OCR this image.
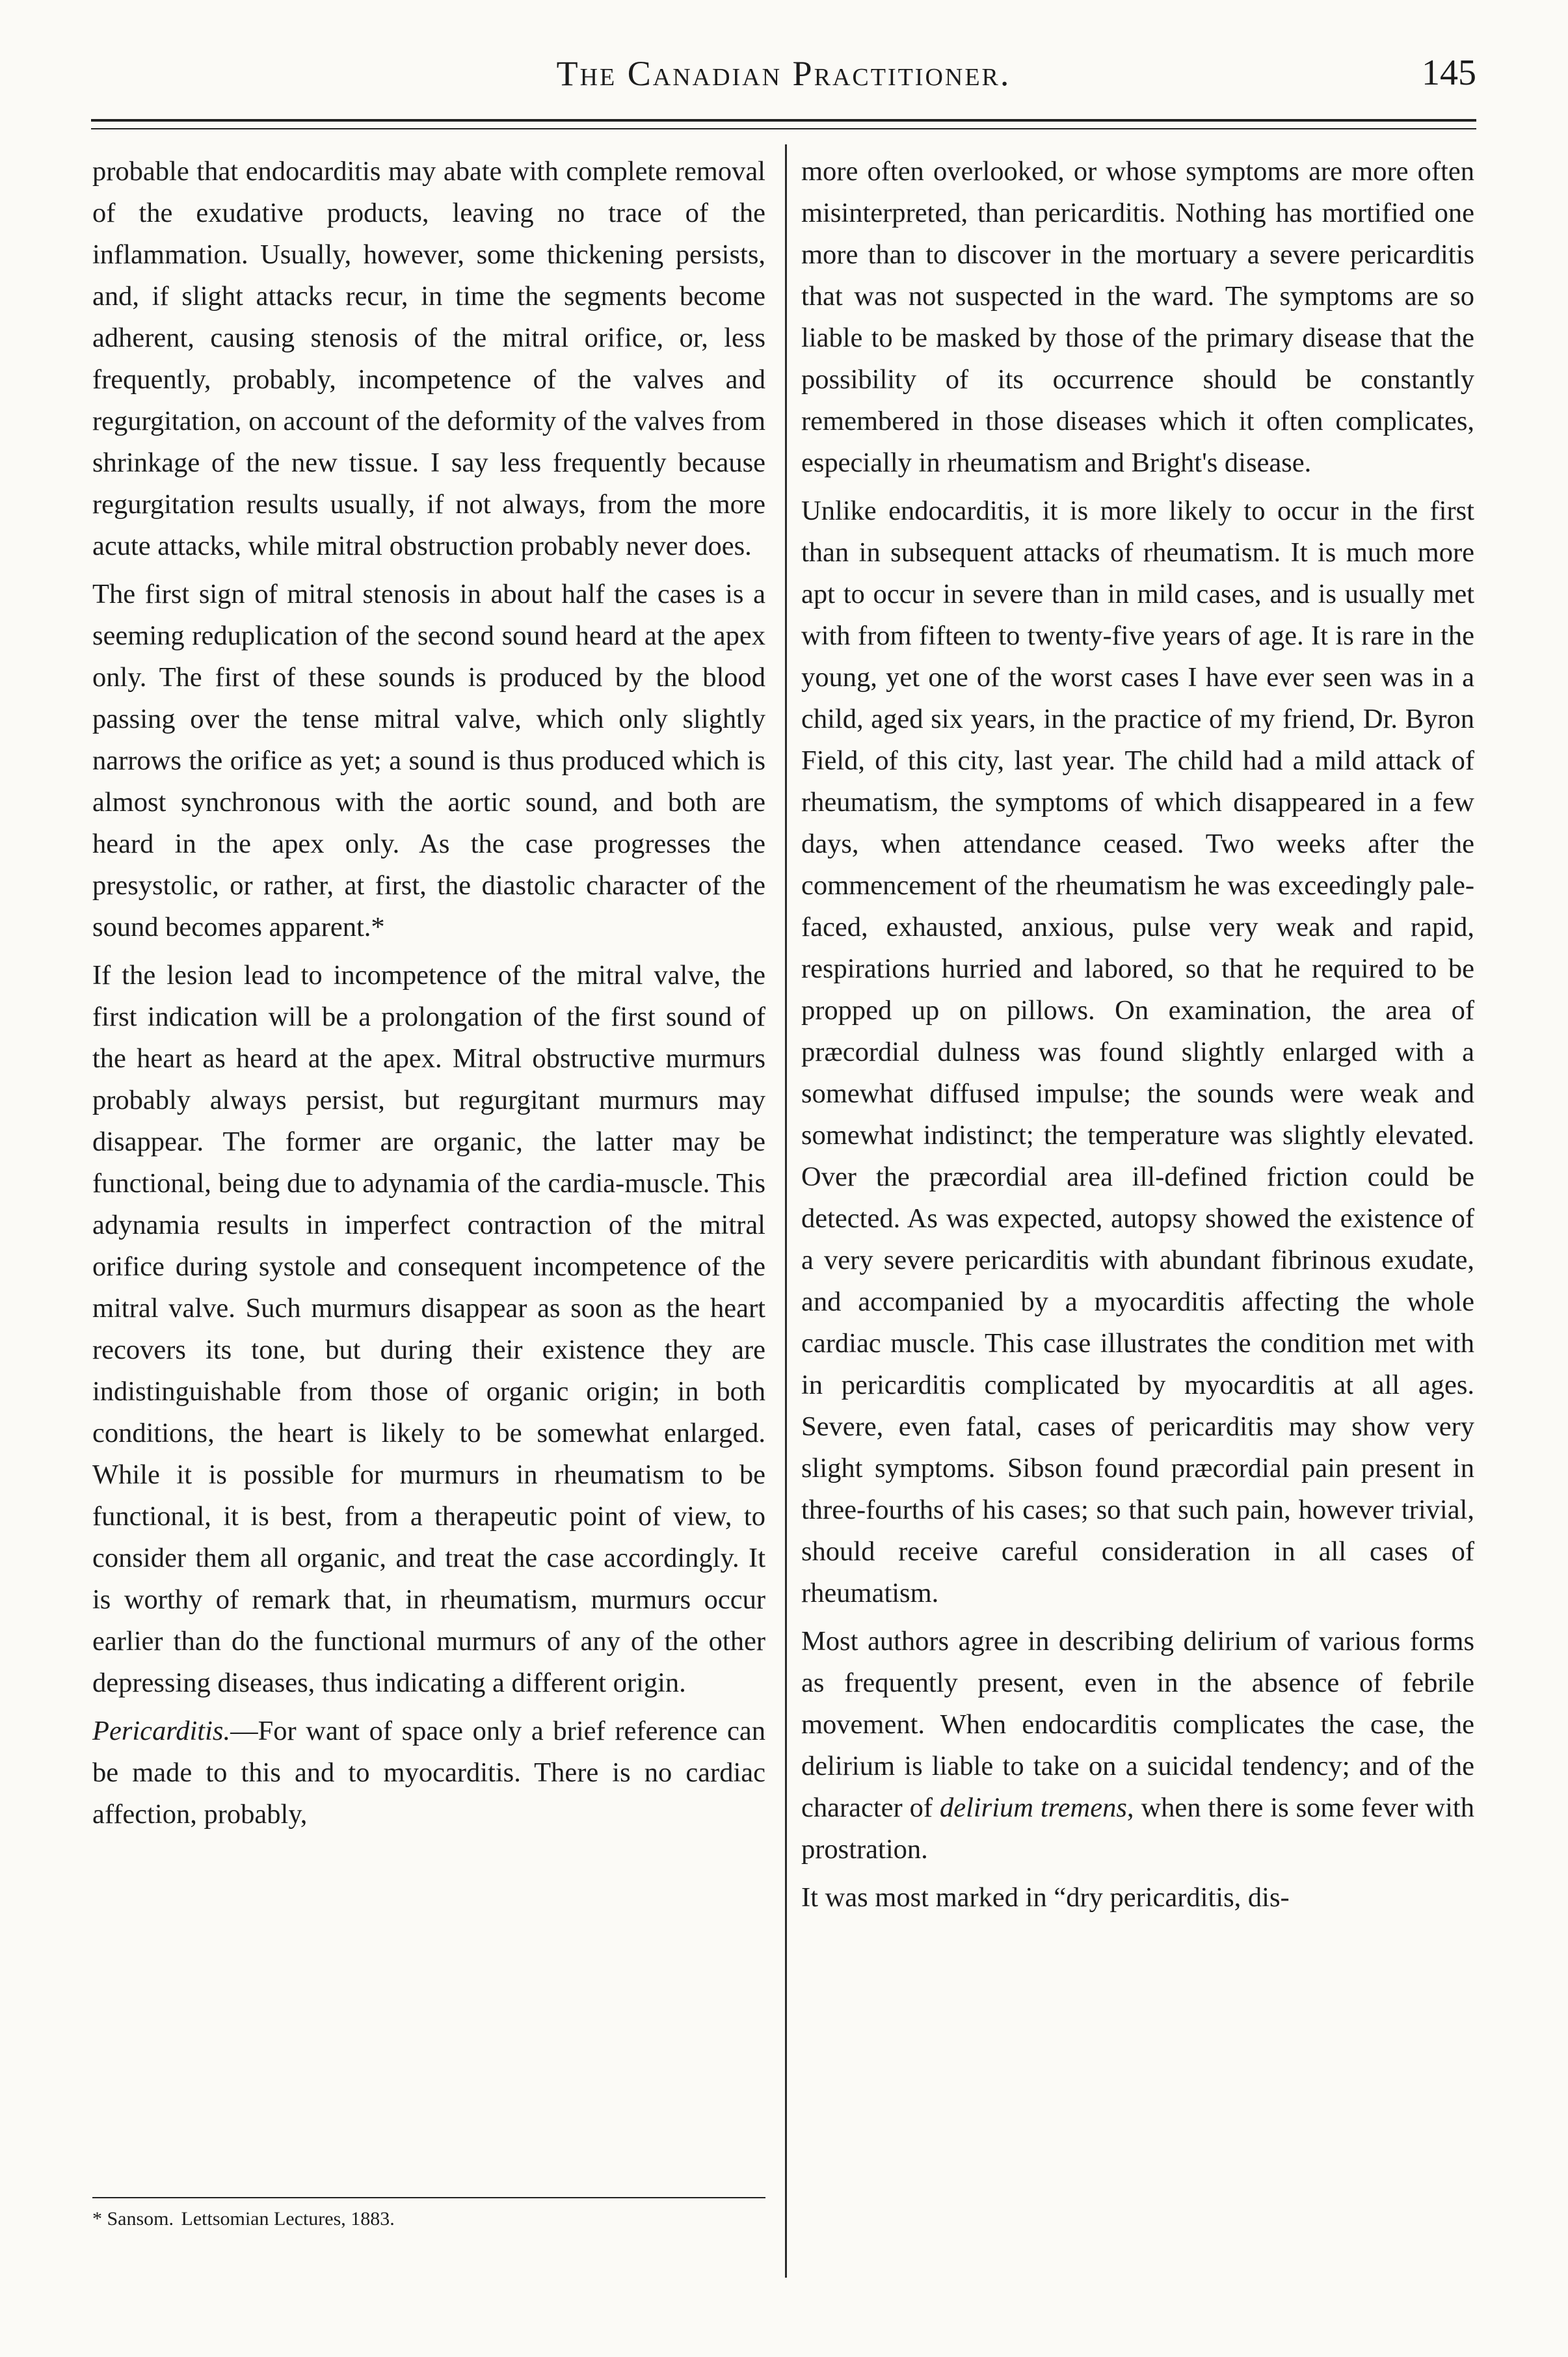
The Canadian Practitioner.	145

probable that endocarditis may abate with complete removal of the exudative products, leaving no trace of the inflammation. Usually, however, some thickening persists, and, if slight attacks recur, in time the segments become adherent, causing stenosis of the mitral orifice, or, less frequently, probably, incompetence of the valves and regurgitation, on account of the deformity of the valves from shrinkage of the new tissue. I say less frequently because regurgitation results usually, if not always, from the more acute attacks, while mitral obstruction probably never does.

The first sign of mitral stenosis in about half the cases is a seeming reduplication of the second sound heard at the apex only. The first of these sounds is produced by the blood passing over the tense mitral valve, which only slightly narrows the orifice as yet; a sound is thus produced which is almost synchronous with the aortic sound, and both are heard in the apex only. As the case progresses the presystolic, or rather, at first, the diastolic character of the sound becomes apparent.*

If the lesion lead to incompetence of the mitral valve, the first indication will be a prolongation of the first sound of the heart as heard at the apex. Mitral obstructive murmurs probably always persist, but regurgitant murmurs may disappear. The former are organic, the latter may be functional, being due to adynamia of the cardia-muscle. This adynamia results in imperfect contraction of the mitral orifice during systole and consequent incompetence of the mitral valve. Such murmurs disappear as soon as the heart recovers its tone, but during their existence they are indistinguishable from those of organic origin; in both conditions, the heart is likely to be somewhat enlarged. While it is possible for murmurs in rheumatism to be functional, it is best, from a therapeutic point of view, to consider them all organic, and treat the case accordingly. It is worthy of remark that, in rheumatism, murmurs occur earlier than do the functional murmurs of any of the other depressing diseases, thus indicating a different origin.

Pericarditis.—For want of space only a brief reference can be made to this and to myocarditis. There is no cardiac affection, probably,

more often overlooked, or whose symptoms are more often misinterpreted, than pericarditis. Nothing has mortified one more than to discover in the mortuary a severe pericarditis that was not suspected in the ward. The symptoms are so liable to be masked by those of the primary disease that the possibility of its occurrence should be constantly remembered in those diseases which it often complicates, especially in rheumatism and Bright's disease.

Unlike endocarditis, it is more likely to occur in the first than in subsequent attacks of rheumatism. It is much more apt to occur in severe than in mild cases, and is usually met with from fifteen to twenty-five years of age. It is rare in the young, yet one of the worst cases I have ever seen was in a child, aged six years, in the practice of my friend, Dr. Byron Field, of this city, last year. The child had a mild attack of rheumatism, the symptoms of which disappeared in a few days, when attendance ceased. Two weeks after the commencement of the rheumatism he was exceedingly pale-faced, exhausted, anxious, pulse very weak and rapid, respirations hurried and labored, so that he required to be propped up on pillows. On examination, the area of præcordial dulness was found slightly enlarged with a somewhat diffused impulse; the sounds were weak and somewhat indistinct; the temperature was slightly elevated. Over the præcordial area ill-defined friction could be detected. As was expected, autopsy showed the existence of a very severe pericarditis with abundant fibrinous exudate, and accompanied by a myocarditis affecting the whole cardiac muscle. This case illustrates the condition met with in pericarditis complicated by myocarditis at all ages. Severe, even fatal, cases of pericarditis may show very slight symptoms. Sibson found præcordial pain present in three-fourths of his cases; so that such pain, however trivial, should receive careful consideration in all cases of rheumatism.

Most authors agree in describing delirium of various forms as frequently present, even in the absence of febrile movement. When endocarditis complicates the case, the delirium is liable to take on a suicidal tendency; and of the character of delirium tremens, when there is some fever with prostration.

It was most marked in “dry pericarditis, dis-

* Sansom. Lettsomian Lectures, 1883.
